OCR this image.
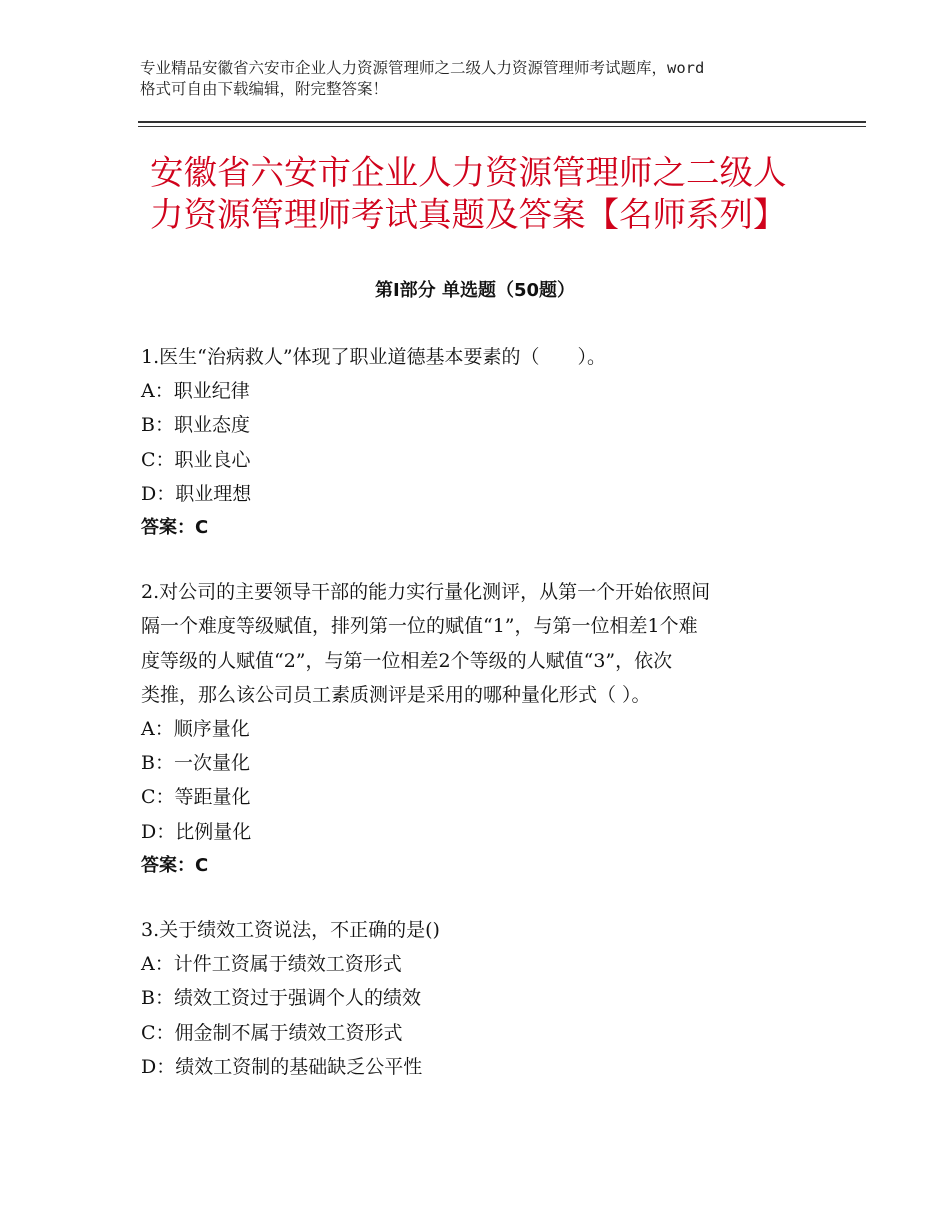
专业精品安徽省六安市企业人力资源管理师之二级人力资源管理师考试题库，word
格式可自由下载编辑，附完整答案！
安徽省六安市企业人力资源管理师之二级人
力资源管理师考试真题及答案【名师系列】
第Ⅰ部分 单选题（50题）
1.医生“治病救人”体现了职业道德基本要素的（　　）。
A：职业纪律
B：职业态度
C：职业良心
D：职业理想
答案：C
2.对公司的主要领导干部的能力实行量化测评，从第一个开始依照间
隔一个难度等级赋值，排列第一位的赋值“1”，与第一位相差1个难
度等级的人赋值“2”，与第一位相差2个等级的人赋值“3”，依次
类推，那么该公司员工素质测评是采用的哪种量化形式（ ）。
A：顺序量化
B：一次量化
C：等距量化
D：比例量化
答案：C
3.关于绩效工资说法，不正确的是()
A：计件工资属于绩效工资形式
B：绩效工资过于强调个人的绩效
C：佣金制不属于绩效工资形式
D：绩效工资制的基础缺乏公平性
